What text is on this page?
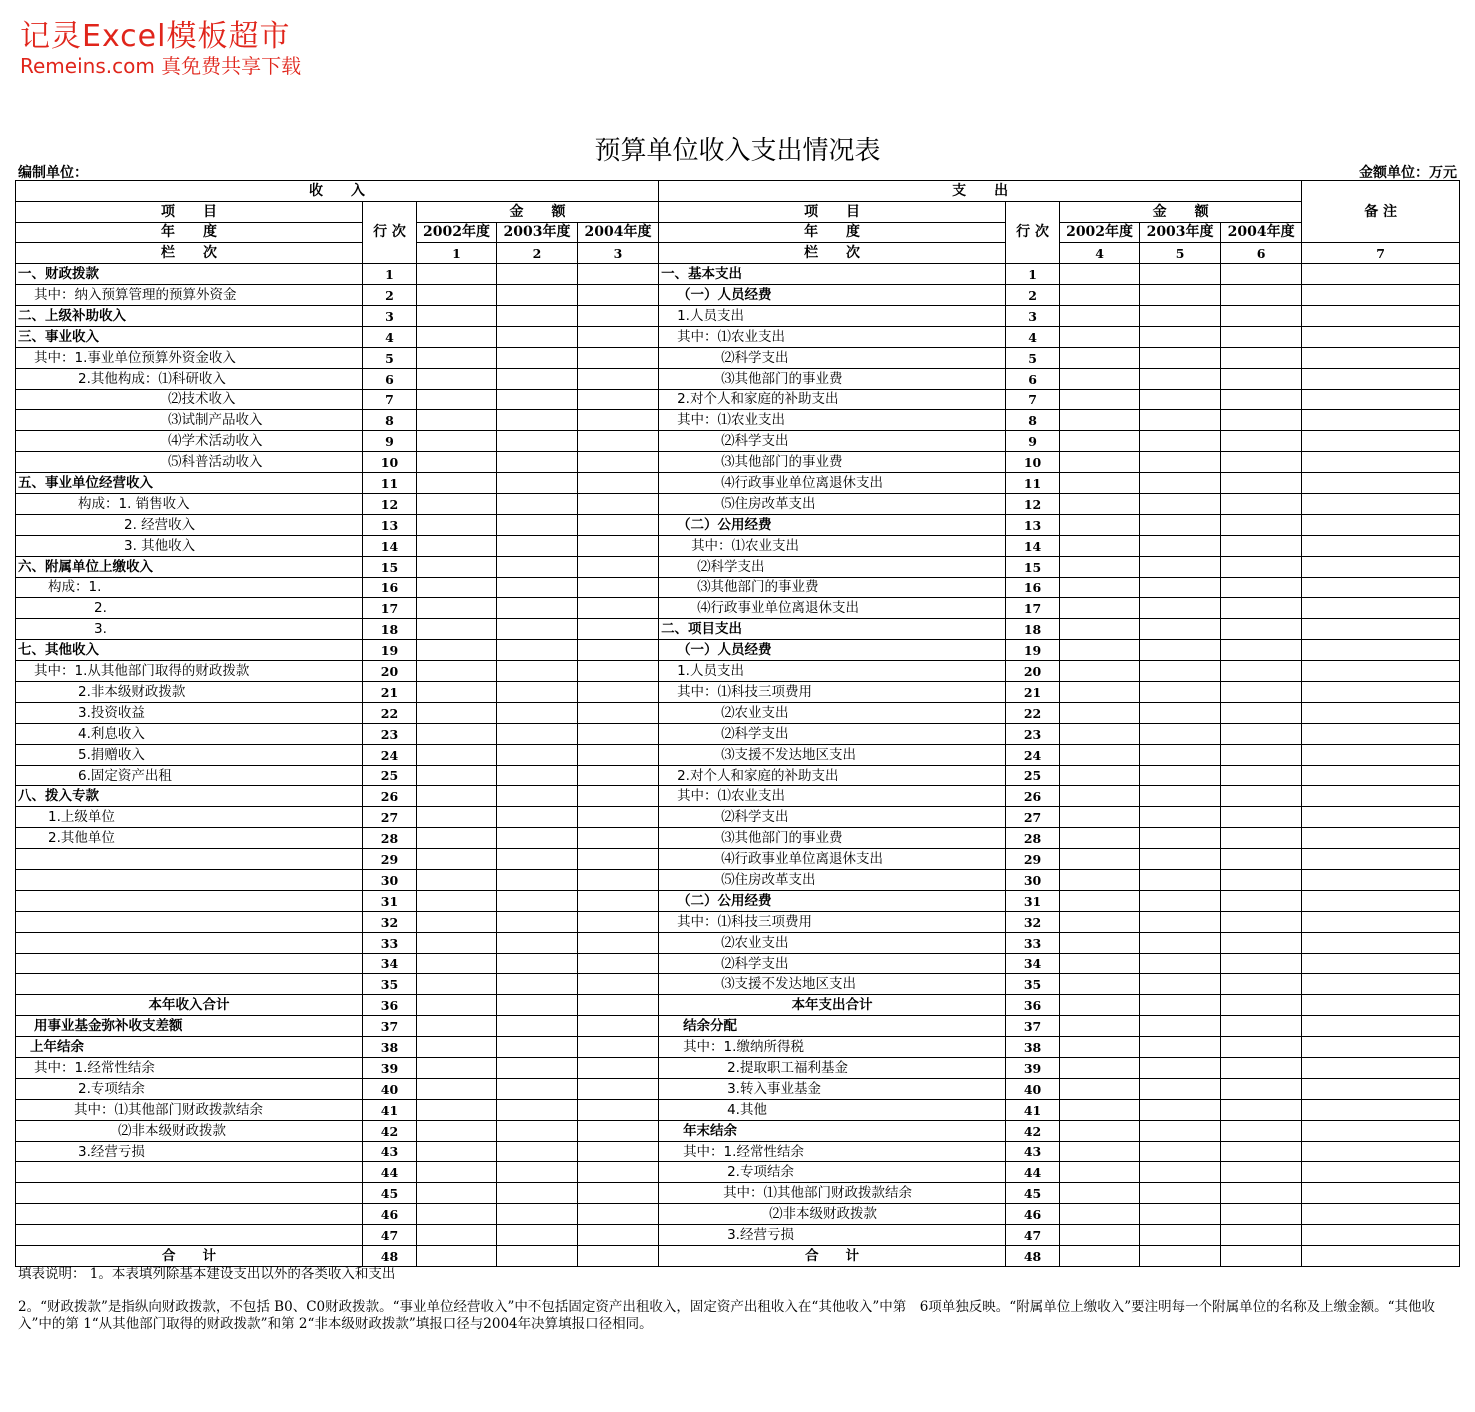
记灵Excel模板超市
Remeins.com 真免费共享下载
预算单位收入支出情况表
编制单位：	金额单位：万元
收　　入					支　　出					备 注
项　　目	行 次	金　　额			项　　目	行 次	金　　额			
年　　度		2002年度	2003年度	2004年度	年　　度		2002年度	2003年度	2004年度	
栏　　次		1	2	3	栏　　次		4	5	6	7
一、财政拨款	1				一、基本支出	1				
其中：纳入预算管理的预算外资金	2				（一）人员经费	2				
二、上级补助收入	3				1.人员支出	3				
三、事业收入	4				其中：⑴农业支出	4				
其中：1.事业单位预算外资金收入	5				⑵科学支出	5				
2.其他构成：⑴科研收入	6				⑶其他部门的事业费	6				
⑵技术收入	7				2.对个人和家庭的补助支出	7				
⑶试制产品收入	8				其中：⑴农业支出	8				
⑷学术活动收入	9				⑵科学支出	9				
⑸科普活动收入	10				⑶其他部门的事业费	10				
五、事业单位经营收入	11				⑷行政事业单位离退休支出	11				
构成：1. 销售收入	12				⑸住房改革支出	12				
2. 经营收入	13				（二）公用经费	13				
3. 其他收入	14				其中：⑴农业支出	14				
六、附属单位上缴收入	15				⑵科学支出	15				
构成：1.	16				⑶其他部门的事业费	16				
2.	17				⑷行政事业单位离退休支出	17				
3.	18				二、项目支出	18				
七、其他收入	19				（一）人员经费	19				
其中：1.从其他部门取得的财政拨款	20				1.人员支出	20				
2.非本级财政拨款	21				其中：⑴科技三项费用	21				
3.投资收益	22				⑵农业支出	22				
4.利息收入	23				⑵科学支出	23				
5.捐赠收入	24				⑶支援不发达地区支出	24				
6.固定资产出租	25				2.对个人和家庭的补助支出	25				
八、拨入专款	26				其中：⑴农业支出	26				
1.上级单位	27				⑵科学支出	27				
2.其他单位	28				⑶其他部门的事业费	28				
	29				⑷行政事业单位离退休支出	29				
	30				⑸住房改革支出	30				
	31				（二）公用经费	31				
	32				其中：⑴科技三项费用	32				
	33				⑵农业支出	33				
	34				⑵科学支出	34				
	35				⑶支援不发达地区支出	35				
本年收入合计	36				本年支出合计	36				
用事业基金弥补收支差额	37				结余分配	37				
上年结余	38				其中：1.缴纳所得税	38				
其中：1.经常性结余	39				2.提取职工福利基金	39				
2.专项结余	40				3.转入事业基金	40				
其中：⑴其他部门财政拨款结余	41				4.其他	41				
⑵非本级财政拨款	42				年末结余	42				
3.经营亏损	43				其中：1.经常性结余	43				
	44				2.专项结余	44				
	45				其中：⑴其他部门财政拨款结余	45				
	46				⑵非本级财政拨款	46				
	47				3.经营亏损	47				
合　　计	48				合　　计	48				
填表说明： 1。本表填列除基本建设支出以外的各类收入和支出
2。“财政拨款”是指纵向财政拨款，不包括 B0、C0财政拨款。“事业单位经营收入”中不包括固定资产出租收入，固定资产出租收入在“其他收入”中第　6项单独反映。“附属单位上缴收入”要注明每一个附属单位的名称及上缴金额。“其他收入”中的第 1“从其他部门取得的财政拨款”和第 2“非本级财政拨款”填报口径与2004年决算填报口径相同。
